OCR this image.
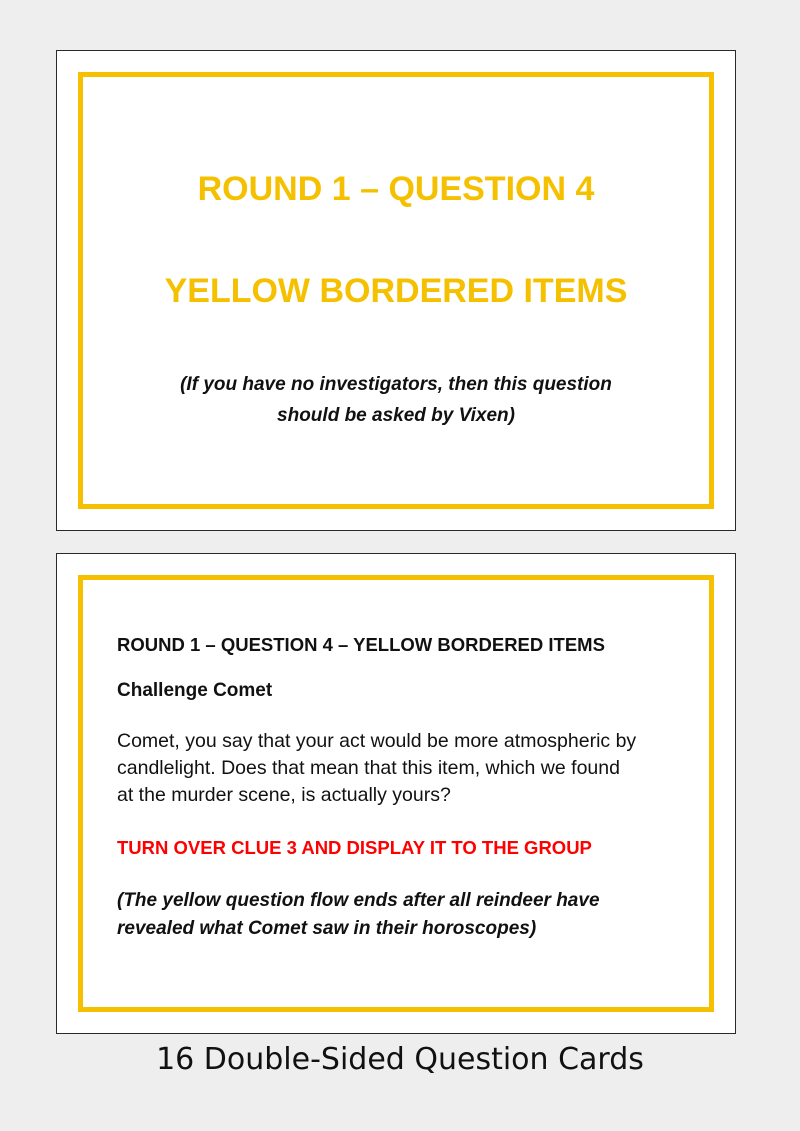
ROUND 1 – QUESTION 4
YELLOW BORDERED ITEMS
(If you have no investigators, then this question
should be asked by Vixen)

ROUND 1 – QUESTION 4 – YELLOW BORDERED ITEMS

Challenge Comet

Comet, you say that your act would be more atmospheric by
candlelight. Does that mean that this item, which we found
at the murder scene, is actually yours?

TURN OVER CLUE 3 AND DISPLAY IT TO THE GROUP

(The yellow question flow ends after all reindeer have
revealed what Comet saw in their horoscopes)
16 Double-Sided Question Cards
